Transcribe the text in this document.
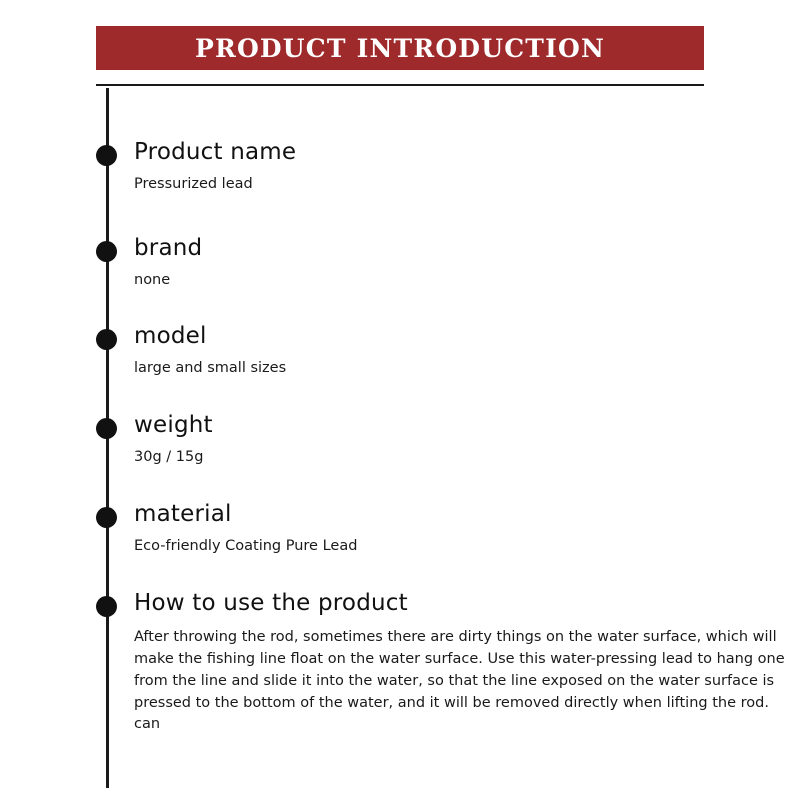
PRODUCT INTRODUCTION
Product name
Pressurized lead
brand
none
model
large and small sizes
weight
30g / 15g
material
Eco-friendly Coating Pure Lead
How to use the product
After throwing the rod, sometimes there are dirty things on the water surface, which will make the fishing line float on the water surface. Use this water-pressing lead to hang one from the line and slide it into the water, so that the line exposed on the water surface is pressed to the bottom of the water, and it will be removed directly when lifting the rod. can
